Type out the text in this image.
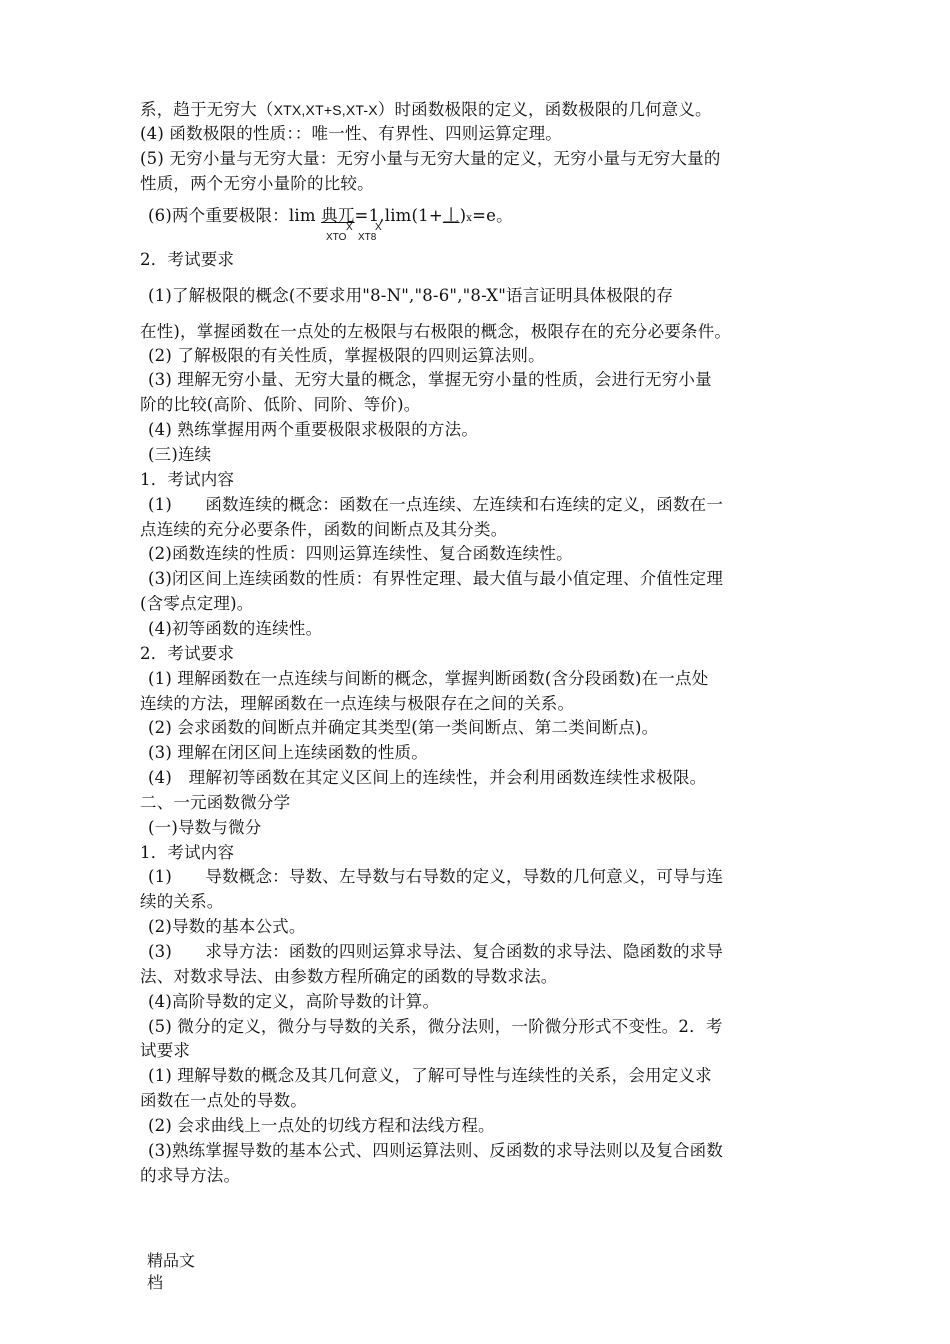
系，趋于无穷大（XTX,XT+S,XT-X）时函数极限的定义，函数极限的几何意义。
(4) 函数极限的性质：：唯一性、有界性、四则运算定理。
(5) 无穷小量与无穷大量：无穷小量与无穷大量的定义，无穷小量与无穷大量的
性质，两个无穷小量阶的比较。
(6)两个重要极限：lim 典兀=1,lim(1+丄)x=e。
X X
XTO XT8
2．考试要求
(1)了解极限的概念(不要求用"8-N","8-6","8-X"语言证明具体极限的存
在性)，掌握函数在一点处的左极限与右极限的概念，极限存在的充分必要条件。
(2) 了解极限的有关性质，掌握极限的四则运算法则。
(3) 理解无穷小量、无穷大量的概念，掌握无穷小量的性质，会进行无穷小量
阶的比较(高阶、低阶、同阶、等价)。
(4) 熟练掌握用两个重要极限求极限的方法。
(三)连续
1．考试内容
(1)　　函数连续的概念：函数在一点连续、左连续和右连续的定义，函数在一
点连续的充分必要条件，函数的间断点及其分类。
(2)函数连续的性质：四则运算连续性、复合函数连续性。
(3)闭区间上连续函数的性质：有界性定理、最大值与最小值定理、介值性定理
(含零点定理)。
(4)初等函数的连续性。
2．考试要求
(1) 理解函数在一点连续与间断的概念，掌握判断函数(含分段函数)在一点处
连续的方法，理解函数在一点连续与极限存在之间的关系。
(2) 会求函数的间断点并确定其类型(第一类间断点、第二类间断点)。
(3) 理解在闭区间上连续函数的性质。
(4)　理解初等函数在其定义区间上的连续性，并会利用函数连续性求极限。
二、一元函数微分学
(一)导数与微分
1．考试内容
(1)　　导数概念：导数、左导数与右导数的定义，导数的几何意义，可导与连
续的关系。
(2)导数的基本公式。
(3)　　求导方法：函数的四则运算求导法、复合函数的求导法、隐函数的求导
法、对数求导法、由参数方程所确定的函数的导数求法。
(4)高阶导数的定义，高阶导数的计算。
(5) 微分的定义，微分与导数的关系，微分法则，一阶微分形式不变性。2．考
试要求
(1) 理解导数的概念及其几何意义，了解可导性与连续性的关系，会用定义求
函数在一点处的导数。
(2) 会求曲线上一点处的切线方程和法线方程。
(3)熟练掌握导数的基本公式、四则运算法则、反函数的求导法则以及复合函数
的求导方法。
精品文
档
